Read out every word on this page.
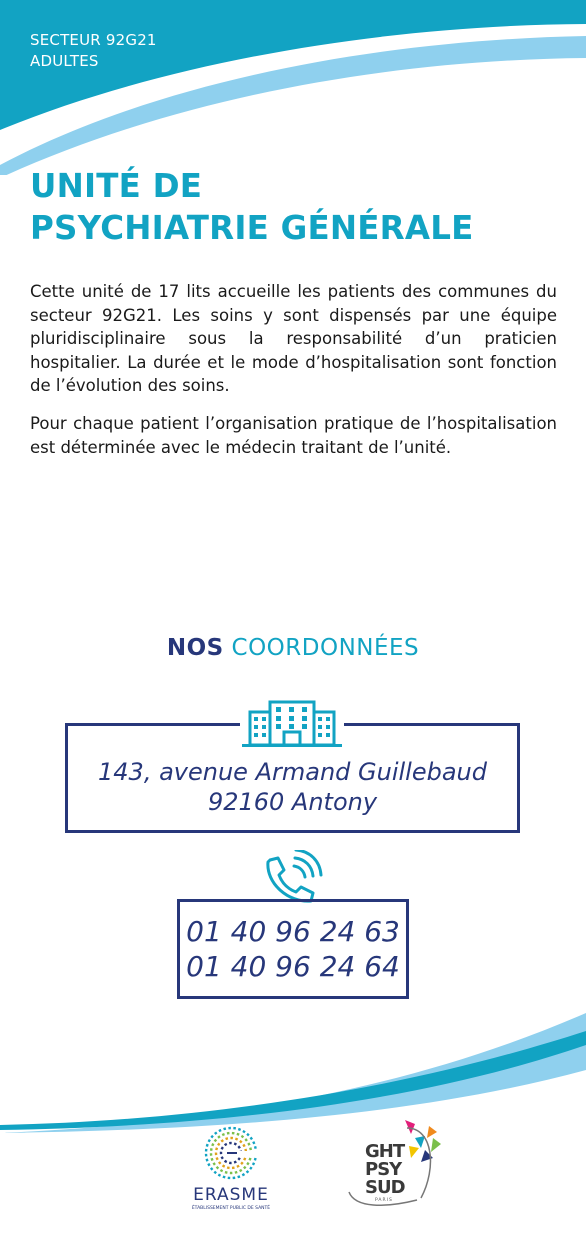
SECTEUR 92G21
ADULTES
UNITÉ DE
PSYCHIATRIE GÉNÉRALE
Cette unité de 17 lits accueille les patients des communes du secteur 92G21. Les soins y sont dispensés par une équipe pluridisciplinaire sous la responsabilité d’un praticien hospitalier. La durée et le mode d’hospitalisation sont fonction de l’évolution des soins.
Pour chaque patient l’organisation pratique de l’hospitalisation est déterminée avec le médecin traitant de l’unité.
NOS COORDONNÉES
143, avenue Armand Guillebaud
92160 Antony
01 40 96 24 63
01 40 96 24 64
ERASME
ÉTABLISSEMENT PUBLIC DE SANTÉ
GHT
PSY
SUD
PARIS
